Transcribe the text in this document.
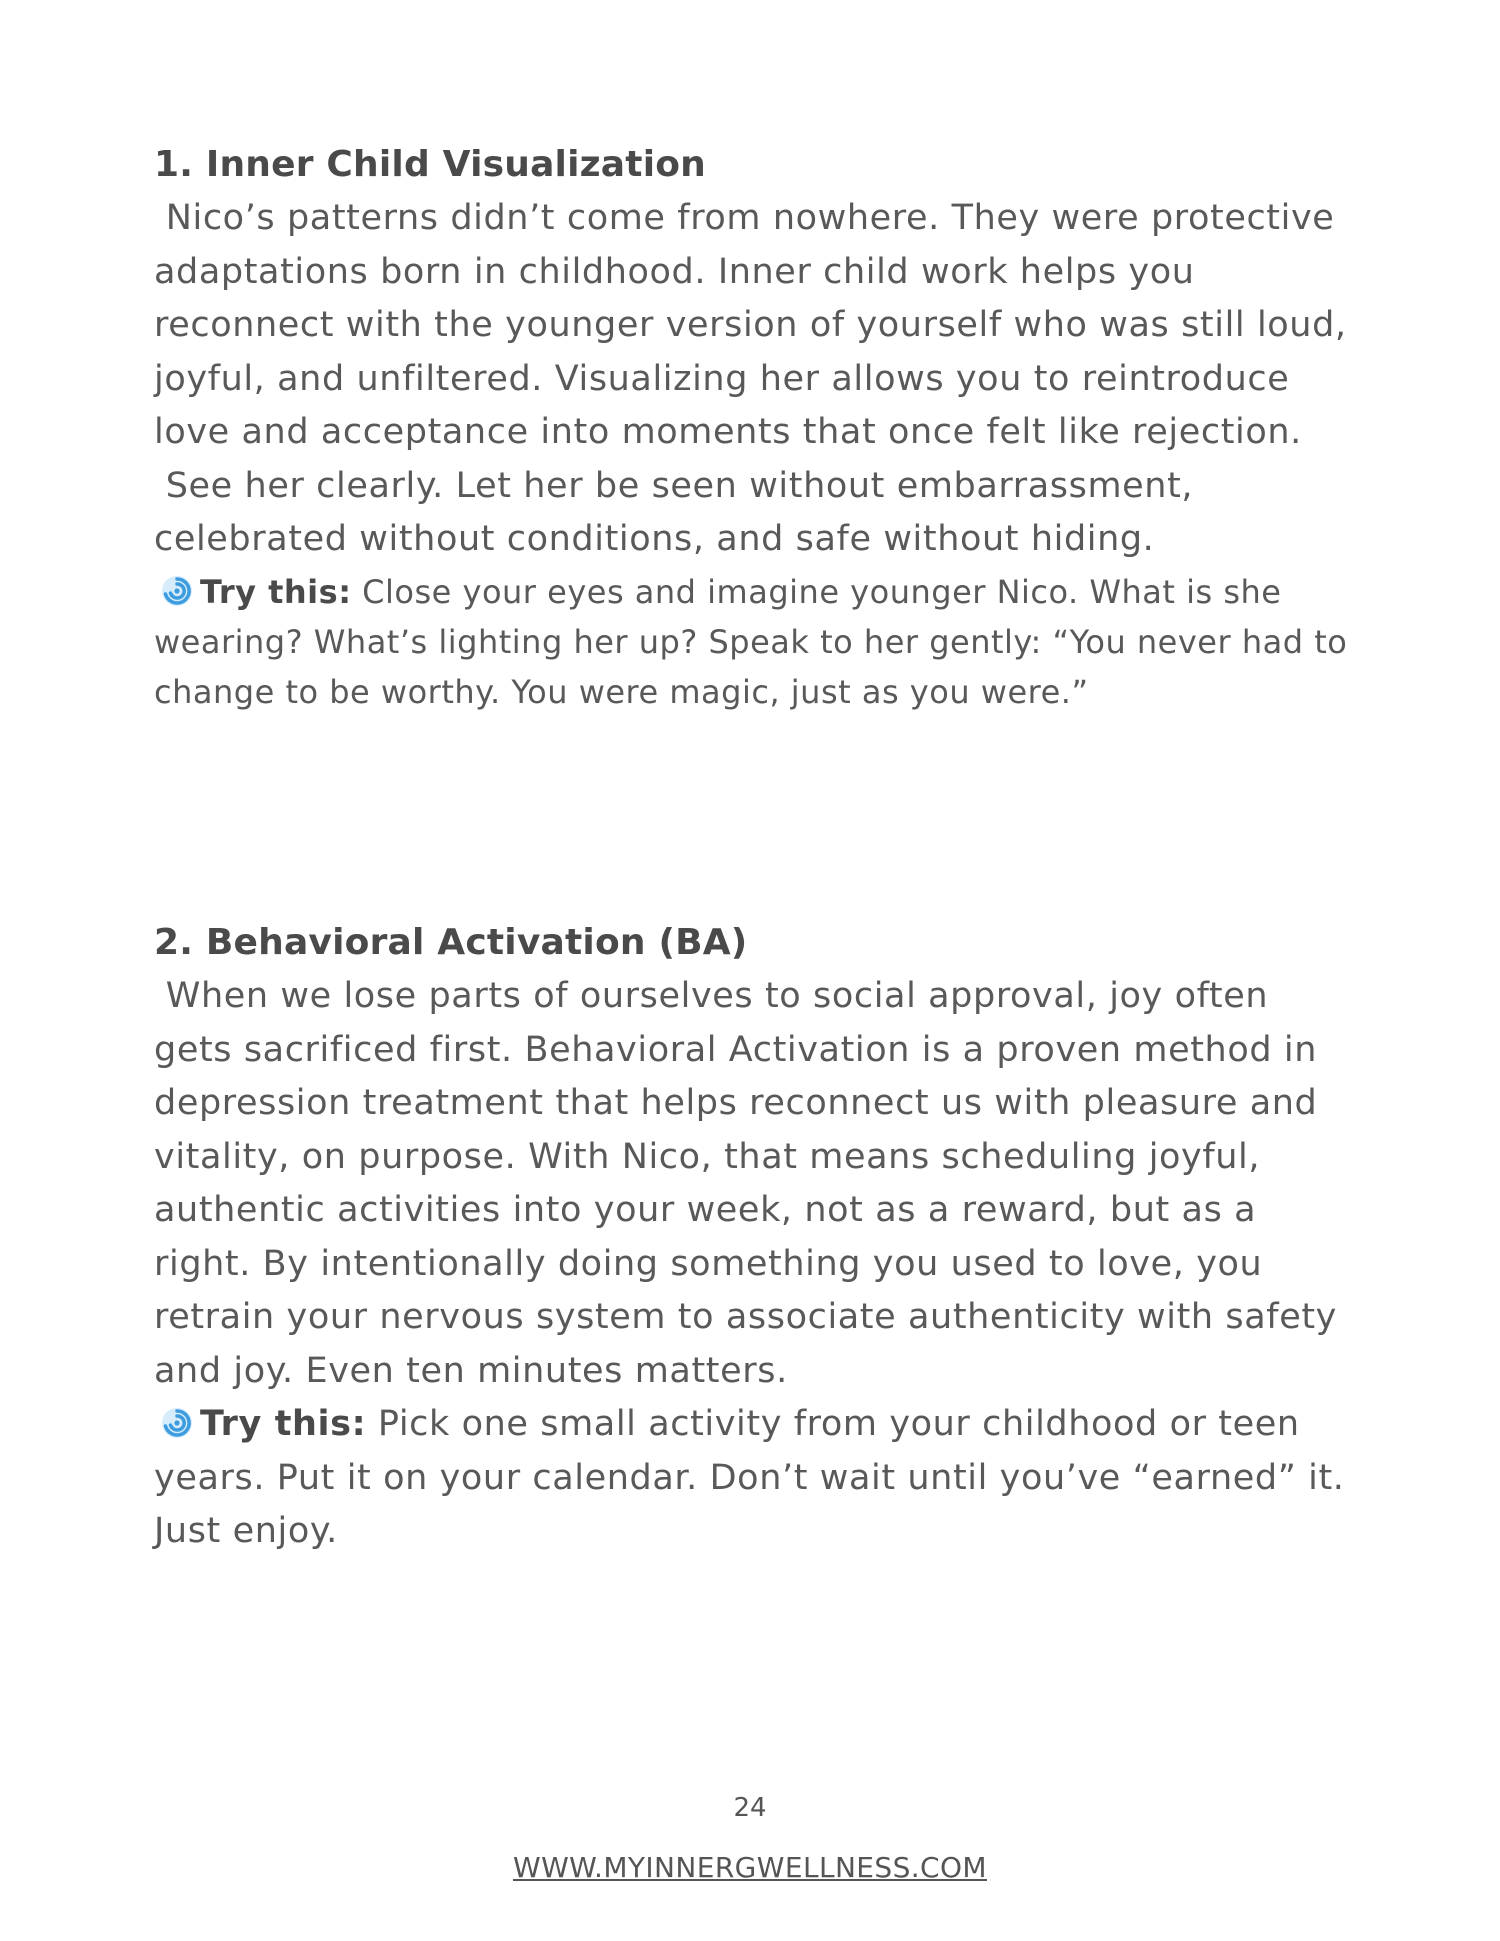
1. Inner Child Visualization

Nico’s patterns didn’t come from nowhere. They were protective adaptations born in childhood. Inner child work helps you reconnect with the younger version of yourself who was still loud, joyful, and unfiltered. Visualizing her allows you to reintroduce love and acceptance into moments that once felt like rejection.

See her clearly. Let her be seen without embarrassment, celebrated without conditions, and safe without hiding.

Try this: Close your eyes and imagine younger Nico. What is she wearing? What’s lighting her up? Speak to her gently: “You never had to change to be worthy. You were magic, just as you were.”

2. Behavioral Activation (BA)

When we lose parts of ourselves to social approval, joy often gets sacrificed first. Behavioral Activation is a proven method in depression treatment that helps reconnect us with pleasure and vitality, on purpose. With Nico, that means scheduling joyful, authentic activities into your week, not as a reward, but as a right. By intentionally doing something you used to love, you retrain your nervous system to associate authenticity with safety and joy. Even ten minutes matters.

Try this: Pick one small activity from your childhood or teen years. Put it on your calendar. Don’t wait until you’ve “earned” it. Just enjoy.

24
WWW.MYINNERGWELLNESS.COM
